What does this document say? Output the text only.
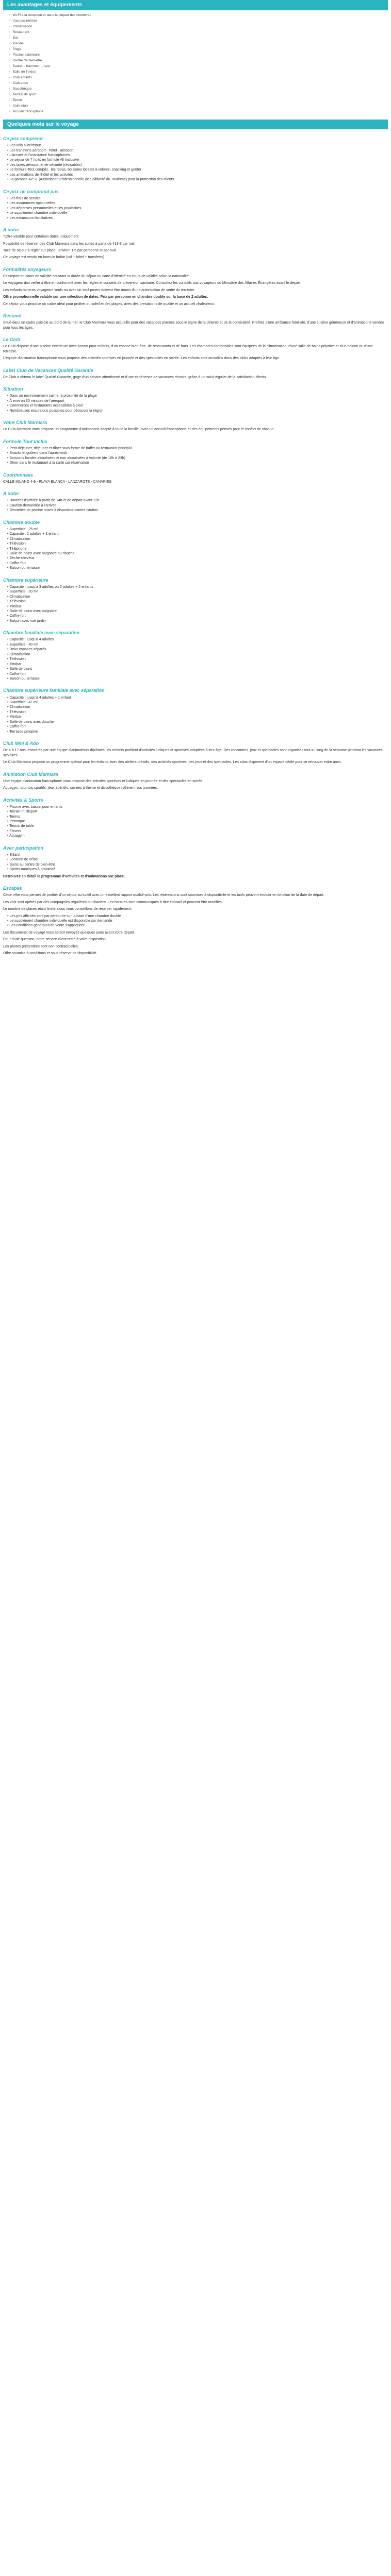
Les avantages et équipements
✓ Wi-Fi à la réception et dans la plupart des chambres
✓ Vue piscine/mer
✓ Climatisation
✓ Restaurant
✓ Bar
✓ Piscine
✓ Plage
✓ Piscine extérieure
✓ Centre de bien-être
✓ Sauna – hammam – spa
✓ Salle de fitness
✓ Club enfants
✓ Club ados
✓ Discothèque
✓ Terrain de sport
✓ Tennis
✓ Animation
✓ Accueil francophone
Quelques mots sur le voyage
Ce prix comprend
• Les vols aller/retour
• Les transferts aéroport - hôtel - aéroport
• L'accueil et l'assistance francophones
• Le séjour de 7 nuits en formule All Inclusive
• Les taxes aéroport et de sécurité (révisables)
• La formule Tout compris : les repas, boissons locales à volonté, snacking et goûter
• Les animations de l'hôtel et les activités
• La garantie APST (Association Professionnelle de Solidarité du Tourisme) pour la protection des clients
Ce prix ne comprend pas
• Les frais de service
• Les assurances optionnelles
• Les dépenses personnelles et les pourboires
• Le supplément chambre individuelle
• Les excursions facultatives
A noter

*Offre valable pour certaines dates uniquement

Possibilité de réserver des Club Marmara dans les suites à partir de 419 € par nuit

Taxe de séjour à régler sur place : environ 1 € par personne et par nuit

Ce voyage est vendu en formule forfait (vol + hôtel + transferts)

Formalités voyageurs

Passeport en cours de validité couvrant la durée du séjour ou carte d'identité en cours de validité selon la nationalité.

Le voyageur doit veiller à être en conformité avec les règles et conseils de prévention sanitaire. Consultez les conseils aux voyageurs du Ministère des Affaires Étrangères avant le départ.

Les enfants mineurs voyageant seuls ou avec un seul parent doivent être munis d'une autorisation de sortie du territoire.

Offre promotionnelle valable sur une sélection de dates. Prix par personne en chambre double sur la base de 2 adultes.

Ce séjour vous propose un cadre idéal pour profiter du soleil et des plages, avec des prestations de qualité et un accueil chaleureux.

Résumé

Situé dans un cadre paisible au bord de la mer, le Club Marmara vous accueille pour des vacances placées sous le signe de la détente et de la convivialité. Profitez d'une ambiance familiale, d'une cuisine généreuse et d'animations variées pour tous les âges.

Le Club

Le Club dispose d'une piscine extérieure avec bassin pour enfants, d'un espace bien-être, de restaurants et de bars. Les chambres confortables sont équipées de la climatisation, d'une salle de bains privative et d'un balcon ou d'une terrasse.

L'équipe d'animation francophone vous propose des activités sportives en journée et des spectacles en soirée. Les enfants sont accueillis dans des clubs adaptés à leur âge.

Label Club de Vacances Qualité Garantie

Ce Club a obtenu le label Qualité Garantie, gage d'un service attentionné et d'une expérience de vacances réussie, grâce à un suivi régulier de la satisfaction clients.

Situation
• Dans un environnement calme, à proximité de la plage
• À environ 30 minutes de l'aéroport
• Commerces et restaurants accessibles à pied
• Nombreuses excursions possibles pour découvrir la région
Votre Club Marmara

Le Club Marmara vous propose un programme d'animations adapté à toute la famille, avec un accueil francophone et des équipements pensés pour le confort de chacun.

Formule Tout Inclus
• Petit-déjeuner, déjeuner et dîner sous forme de buffet au restaurant principal
• Snacks et goûters dans l'après-midi
• Boissons locales alcoolisées et non alcoolisées à volonté (de 10h à 23h)
• Dîner dans le restaurant à la carte sur réservation
Coordonnées

CALLE MILANO 4-9 - PLAYA BLANCA - LANZAROTE - CANARIES

A noter
• Horaires d'arrivée à partir de 14h et de départ avant 12h
• Caution demandée à l'arrivée
• Serviettes de piscine mises à disposition contre caution
Chambre double
• Superficie : 25 m²
• Capacité : 2 adultes + 1 enfant
• Climatisation
• Télévision
• Téléphone
• Salle de bains avec baignoire ou douche
• Sèche-cheveux
• Coffre-fort
• Balcon ou terrasse
Chambre supérieure
• Capacité : jusqu'à 3 adultes ou 2 adultes + 2 enfants
• Superficie : 30 m²
• Climatisation
• Télévision
• Minibar
• Salle de bains avec baignoire
• Coffre-fort
• Balcon avec vue jardin
Chambre familiale avec séparation
• Capacité : jusqu'à 4 adultes
• Superficie : 40 m²
• Deux espaces séparés
• Climatisation
• Télévision
• Minibar
• Salle de bains
• Coffre-fort
• Balcon ou terrasse
Chambre supérieure familiale avec séparation
• Capacité : jusqu'à 4 adultes + 1 enfant
• Superficie : 47 m²
• Climatisation
• Télévision
• Minibar
• Salle de bains avec douche
• Coffre-fort
• Terrasse privative
Club Mini & Ado

De 4 à 17 ans, encadrés par une équipe d'animateurs diplômés, les enfants profitent d'activités ludiques et sportives adaptées à leur âge. Des rencontres, jeux et spectacles sont organisés tout au long de la semaine pendant les vacances scolaires.

Le Club Marmara propose un programme spécial pour les enfants avec des ateliers créatifs, des activités sportives, des jeux et des spectacles. Les ados disposent d'un espace dédié pour se retrouver entre amis.

Animation Club Marmara

Une équipe d'animation francophone vous propose des activités sportives et ludiques en journée et des spectacles en soirée.

Aquagym, tournois sportifs, jeux apéritifs, soirées à thème et discothèque rythment vos journées.

Activités & Sports
• Piscine avec bassin pour enfants
• Terrain multisport
• Tennis
• Pétanque
• Tennis de table
• Fitness
• Aquagym
Avec participation
• Billard
• Location de vélos
• Soins au centre de bien-être
• Sports nautiques à proximité

Retrouvez en détail le programme d'activités et d'animations sur place.

Escapes

Cette offre vous permet de profiter d'un séjour au soleil avec un excellent rapport qualité-prix. Les réservations sont soumises à disponibilité et les tarifs peuvent évoluer en fonction de la date de départ.

Les vols sont opérés par des compagnies régulières ou charters. Les horaires sont communiqués à titre indicatif et peuvent être modifiés.

Le nombre de places étant limité, nous vous conseillons de réserver rapidement.

• Les prix affichés sont par personne sur la base d'une chambre double
• Le supplément chambre individuelle est disponible sur demande
• Les conditions générales de vente s'appliquent

Les documents de voyage vous seront envoyés quelques jours avant votre départ.

Pour toute question, notre service client reste à votre disposition.

Les photos présentées sont non contractuelles.

Offre soumise à conditions et sous réserve de disponibilité.
